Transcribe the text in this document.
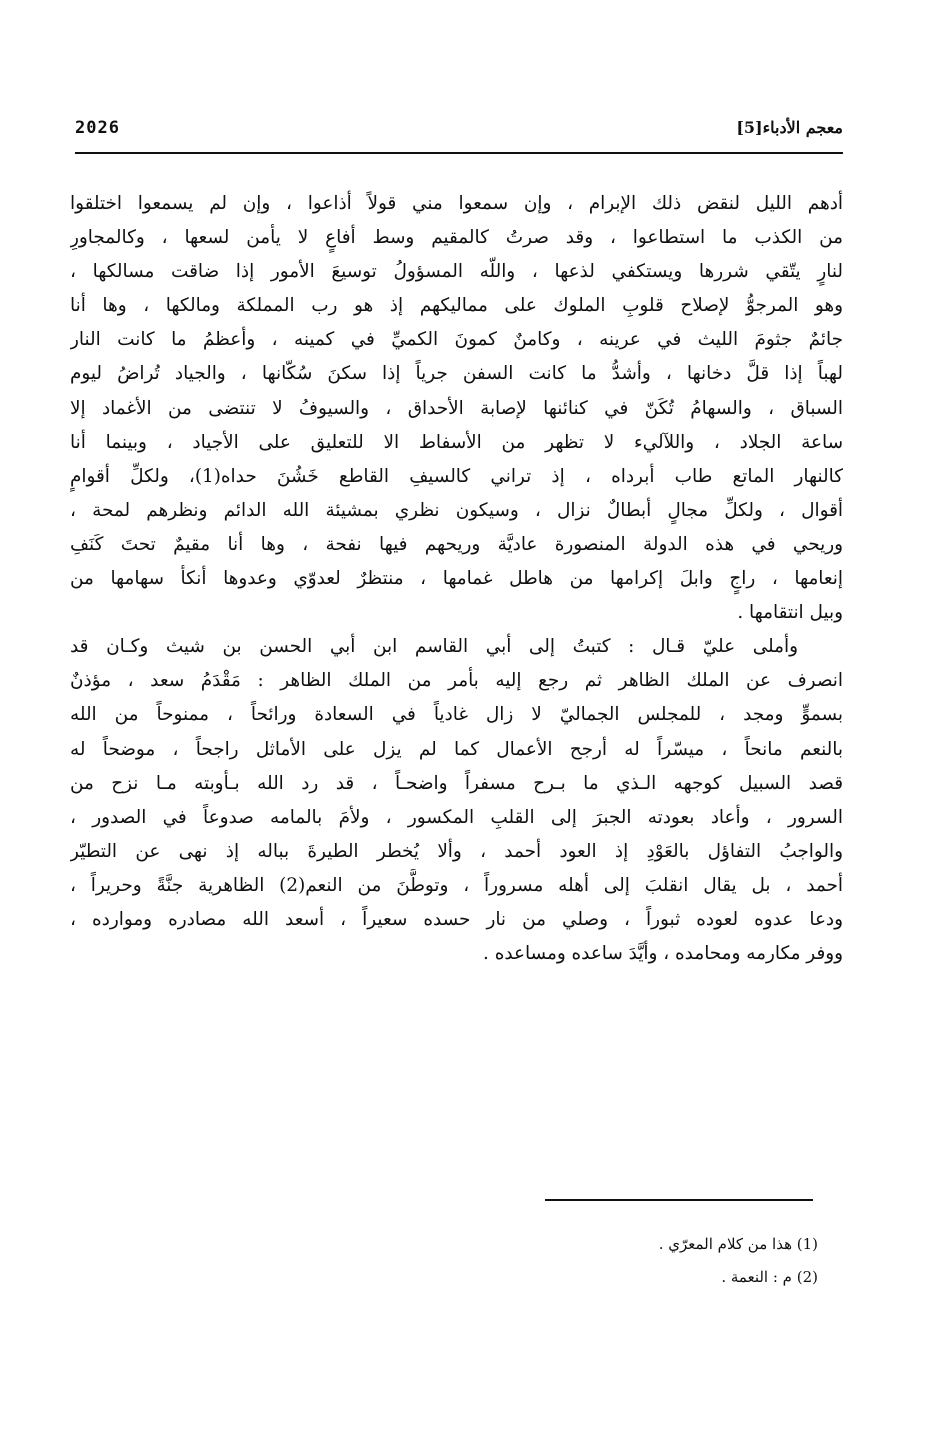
2026	معجم الأدباء[5]
أدهم الليل لنقض ذلك الإبرام ، وإن سمعوا مني قولاً أذاعوا ، وإن لم يسمعوا اختلقوا
من الكذب ما استطاعوا ، وقد صرتُ كالمقيم وسط أفاعٍ لا يأمن لسعها ، وكالمجاورِ
لنارٍ يتّقي شررها ويستكفي لذعها ، واللّه المسؤولُ توسيعَ الأمور إذا ضاقت مسالكها ،
وهو المرجوُّ لإصلاح قلوبِ الملوك على مماليكهم إذ هو رب المملكة ومالكها ، وها أنا
جائمٌ جثومَ الليث في عرينه ، وكامنٌ كمونَ الكميِّ في كمينه ، وأعظمُ ما كانت النار
لهباً إذا قلَّ دخانها ، وأشدُّ ما كانت السفن جرياً إذا سكنَ سُكّانها ، والجياد تُراضُ ليوم
السباق ، والسهامُ تُكَنّ في كنائنها لإصابة الأحداق ، والسيوفُ لا تنتضى من الأغماد إلا
ساعة الجلاد ، واللآليء لا تظهر من الأسفاط الا للتعليق على الأجياد ، وبينما أنا
كالنهار الماتع طاب أبرداه ، إذ تراني كالسيفِ القاطع خَشُنَ حداه(1)، ولكلِّ أقوامٍ
أقوال ، ولكلِّ مجالٍ أبطالٌ نزال ، وسيكون نظري بمشيئة الله الدائم ونظرهم لمحة ،
وريحي في هذه الدولة المنصورة عاديَّة وريحهم فيها نفحة ، وها أنا مقيمٌ تحتَ كَنَفِ
إنعامها ، راجٍ وابلَ إكرامها من هاطل غمامها ، منتظرٌ لعدوّي وعدوها أنكأ سهامها من
وبيل انتقامها .
وأملى عليّ قـال : كتبتُ إلى أبي القاسم ابن أبي الحسن بن شيث وكـان قد
انصرف عن الملك الظاهر ثم رجع إليه بأمر من الملك الظاهر : مَقْدَمُ سعد ، مؤذنٌ
بسموٍّ ومجد ، للمجلس الجماليّ لا زال غادياً في السعادة ورائحاً ، ممنوحاً من الله
بالنعم مانحاً ، ميسّراً له أرجح الأعمال كما لم يزل على الأماثل راجحاً ، موضحاً له
قصد السبيل كوجهه الـذي ما بـرح مسفراً واضحـاً ، قد رد الله بـأوبته مـا نزح من
السرور ، وأعاد بعودته الجبرَ إلى القلبِ المكسور ، ولأمَ بالمامه صدوعاً في الصدور ،
والواجبُ التفاؤل بالعَوْدِ إذ العود أحمد ، وألا يُخطر الطيرةَ بباله إذ نهى عن التطيّر
أحمد ، بل يقال انقلبَ إلى أهله مسروراً ، وتوطَّنَ من النعم(2) الظاهرية جنَّةً وحريراً ،
ودعا عدوه لعوده ثبوراً ، وصلي من نار حسده سعيراً ، أسعد الله مصادره وموارده ،
ووفر مكارمه ومحامده ، وأيَّدَ ساعده ومساعده .
(1) هذا من كلام المعرّي .
(2) م : النعمة .
